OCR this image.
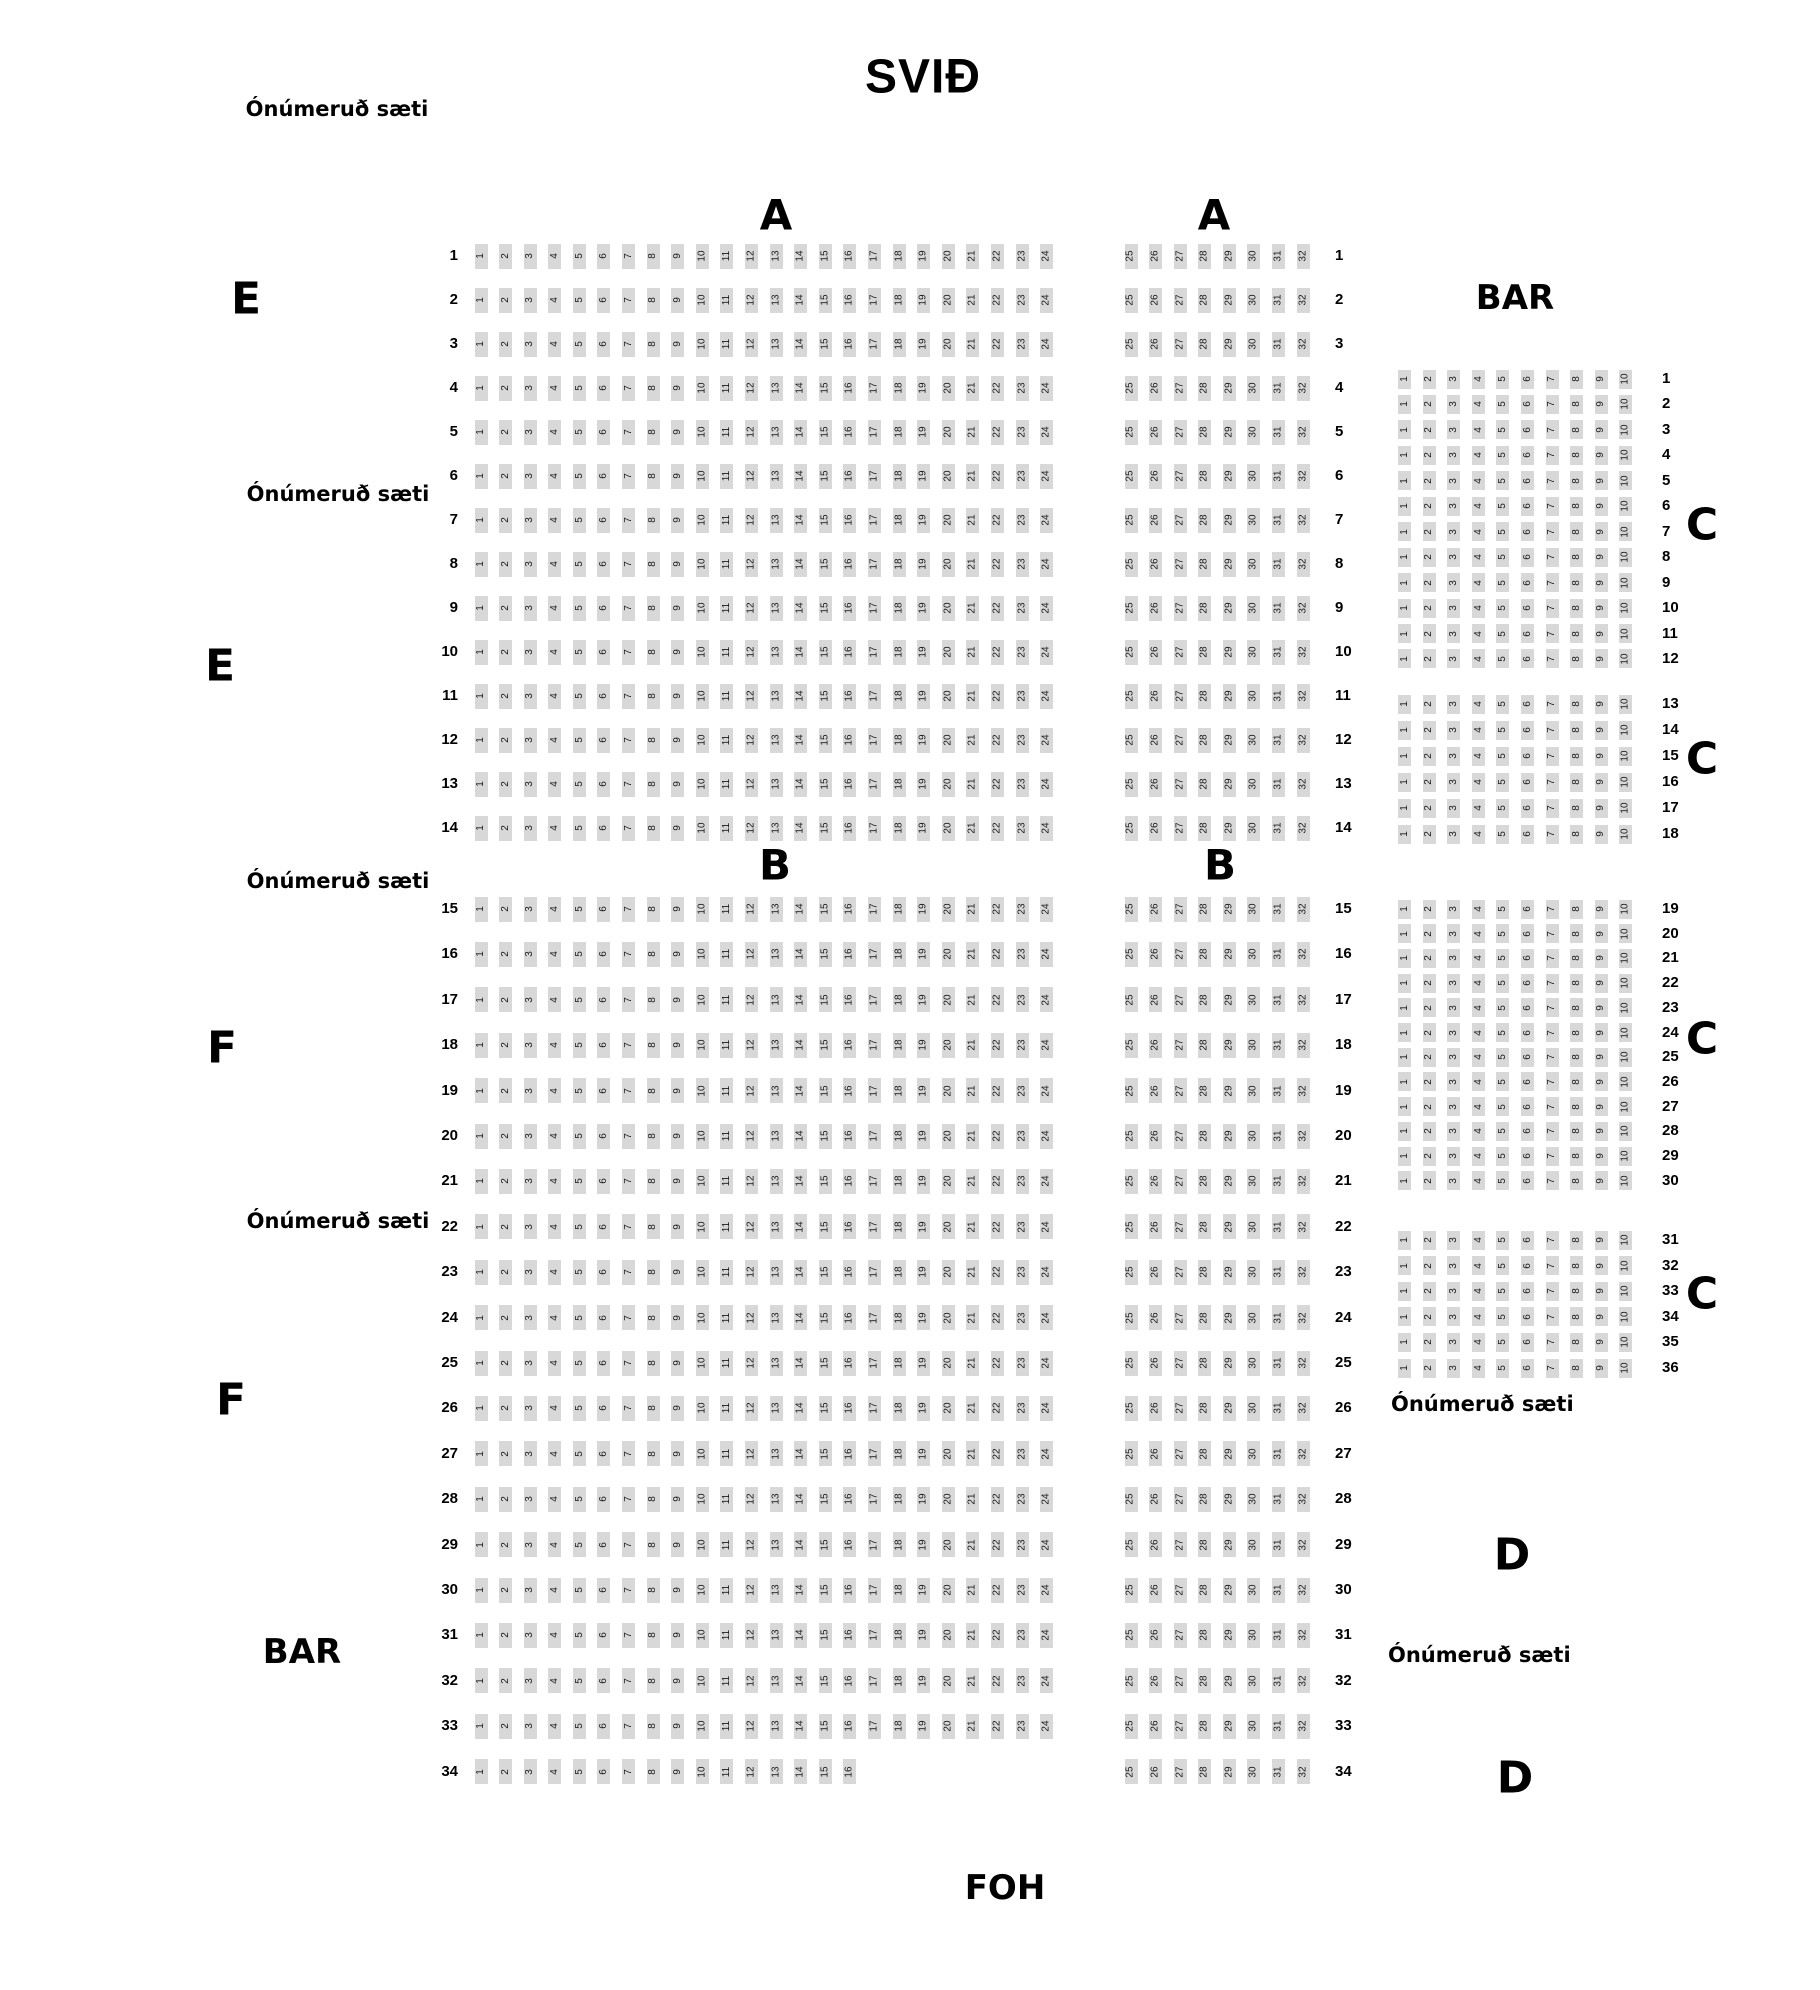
SVIÐ
FOH
Ónúmeruð sæti
E
Ónúmeruð sæti
E
Ónúmeruð sæti
F
Ónúmeruð sæti
F
BAR
A	A
B	B
BAR
C
C
C
C
Ónúmeruð sæti
D
Ónúmeruð sæti
D
1 1 2 3 4 5 6 7 8 9 10 11 12 13 14 15 16 17 18 19 20 21 22 23 24	25 26 27 28 29 30 31 32 1
2 1 2 3 4 5 6 7 8 9 10 11 12 13 14 15 16 17 18 19 20 21 22 23 24	25 26 27 28 29 30 31 32 2
3 1 2 3 4 5 6 7 8 9 10 11 12 13 14 15 16 17 18 19 20 21 22 23 24	25 26 27 28 29 30 31 32 3
4 1 2 3 4 5 6 7 8 9 10 11 12 13 14 15 16 17 18 19 20 21 22 23 24	25 26 27 28 29 30 31 32 4
5 1 2 3 4 5 6 7 8 9 10 11 12 13 14 15 16 17 18 19 20 21 22 23 24	25 26 27 28 29 30 31 32 5
6 1 2 3 4 5 6 7 8 9 10 11 12 13 14 15 16 17 18 19 20 21 22 23 24	25 26 27 28 29 30 31 32 6
7 1 2 3 4 5 6 7 8 9 10 11 12 13 14 15 16 17 18 19 20 21 22 23 24	25 26 27 28 29 30 31 32 7
8 1 2 3 4 5 6 7 8 9 10 11 12 13 14 15 16 17 18 19 20 21 22 23 24	25 26 27 28 29 30 31 32 8
9 1 2 3 4 5 6 7 8 9 10 11 12 13 14 15 16 17 18 19 20 21 22 23 24	25 26 27 28 29 30 31 32 9
10 1 2 3 4 5 6 7 8 9 10 11 12 13 14 15 16 17 18 19 20 21 22 23 24	25 26 27 28 29 30 31 32 10
11 1 2 3 4 5 6 7 8 9 10 11 12 13 14 15 16 17 18 19 20 21 22 23 24	25 26 27 28 29 30 31 32 11
12 1 2 3 4 5 6 7 8 9 10 11 12 13 14 15 16 17 18 19 20 21 22 23 24	25 26 27 28 29 30 31 32 12
13 1 2 3 4 5 6 7 8 9 10 11 12 13 14 15 16 17 18 19 20 21 22 23 24	25 26 27 28 29 30 31 32 13
14 1 2 3 4 5 6 7 8 9 10 11 12 13 14 15 16 17 18 19 20 21 22 23 24	25 26 27 28 29 30 31 32 14
15 1 2 3 4 5 6 7 8 9 10 11 12 13 14 15 16 17 18 19 20 21 22 23 24	25 26 27 28 29 30 31 32 15
16 1 2 3 4 5 6 7 8 9 10 11 12 13 14 15 16 17 18 19 20 21 22 23 24	25 26 27 28 29 30 31 32 16
17 1 2 3 4 5 6 7 8 9 10 11 12 13 14 15 16 17 18 19 20 21 22 23 24	25 26 27 28 29 30 31 32 17
18 1 2 3 4 5 6 7 8 9 10 11 12 13 14 15 16 17 18 19 20 21 22 23 24	25 26 27 28 29 30 31 32 18
19 1 2 3 4 5 6 7 8 9 10 11 12 13 14 15 16 17 18 19 20 21 22 23 24	25 26 27 28 29 30 31 32 19
20 1 2 3 4 5 6 7 8 9 10 11 12 13 14 15 16 17 18 19 20 21 22 23 24	25 26 27 28 29 30 31 32 20
21 1 2 3 4 5 6 7 8 9 10 11 12 13 14 15 16 17 18 19 20 21 22 23 24	25 26 27 28 29 30 31 32 21
22 1 2 3 4 5 6 7 8 9 10 11 12 13 14 15 16 17 18 19 20 21 22 23 24	25 26 27 28 29 30 31 32 22
23 1 2 3 4 5 6 7 8 9 10 11 12 13 14 15 16 17 18 19 20 21 22 23 24	25 26 27 28 29 30 31 32 23
24 1 2 3 4 5 6 7 8 9 10 11 12 13 14 15 16 17 18 19 20 21 22 23 24	25 26 27 28 29 30 31 32 24
25 1 2 3 4 5 6 7 8 9 10 11 12 13 14 15 16 17 18 19 20 21 22 23 24	25 26 27 28 29 30 31 32 25
26 1 2 3 4 5 6 7 8 9 10 11 12 13 14 15 16 17 18 19 20 21 22 23 24	25 26 27 28 29 30 31 32 26
27 1 2 3 4 5 6 7 8 9 10 11 12 13 14 15 16 17 18 19 20 21 22 23 24	25 26 27 28 29 30 31 32 27
28 1 2 3 4 5 6 7 8 9 10 11 12 13 14 15 16 17 18 19 20 21 22 23 24	25 26 27 28 29 30 31 32 28
29 1 2 3 4 5 6 7 8 9 10 11 12 13 14 15 16 17 18 19 20 21 22 23 24	25 26 27 28 29 30 31 32 29
30 1 2 3 4 5 6 7 8 9 10 11 12 13 14 15 16 17 18 19 20 21 22 23 24	25 26 27 28 29 30 31 32 30
31 1 2 3 4 5 6 7 8 9 10 11 12 13 14 15 16 17 18 19 20 21 22 23 24	25 26 27 28 29 30 31 32 31
32 1 2 3 4 5 6 7 8 9 10 11 12 13 14 15 16 17 18 19 20 21 22 23 24	25 26 27 28 29 30 31 32 32
33 1 2 3 4 5 6 7 8 9 10 11 12 13 14 15 16 17 18 19 20 21 22 23 24	25 26 27 28 29 30 31 32 33
34 1 2 3 4 5 6 7 8 9 10 11 12 13 14 15 16	25 26 27 28 29 30 31 32 34
1 2 3 4 5 6 7 8 9 10 1
1 2 3 4 5 6 7 8 9 10 2
1 2 3 4 5 6 7 8 9 10 3
1 2 3 4 5 6 7 8 9 10 4
1 2 3 4 5 6 7 8 9 10 5
1 2 3 4 5 6 7 8 9 10 6
1 2 3 4 5 6 7 8 9 10 7
1 2 3 4 5 6 7 8 9 10 8
1 2 3 4 5 6 7 8 9 10 9
1 2 3 4 5 6 7 8 9 10 10
1 2 3 4 5 6 7 8 9 10 11
1 2 3 4 5 6 7 8 9 10 12
1 2 3 4 5 6 7 8 9 10 13
1 2 3 4 5 6 7 8 9 10 14
1 2 3 4 5 6 7 8 9 10 15
1 2 3 4 5 6 7 8 9 10 16
1 2 3 4 5 6 7 8 9 10 17
1 2 3 4 5 6 7 8 9 10 18
1 2 3 4 5 6 7 8 9 10 19
1 2 3 4 5 6 7 8 9 10 20
1 2 3 4 5 6 7 8 9 10 21
1 2 3 4 5 6 7 8 9 10 22
1 2 3 4 5 6 7 8 9 10 23
1 2 3 4 5 6 7 8 9 10 24
1 2 3 4 5 6 7 8 9 10 25
1 2 3 4 5 6 7 8 9 10 26
1 2 3 4 5 6 7 8 9 10 27
1 2 3 4 5 6 7 8 9 10 28
1 2 3 4 5 6 7 8 9 10 29
1 2 3 4 5 6 7 8 9 10 30
1 2 3 4 5 6 7 8 9 10 31
1 2 3 4 5 6 7 8 9 10 32
1 2 3 4 5 6 7 8 9 10 33
1 2 3 4 5 6 7 8 9 10 34
1 2 3 4 5 6 7 8 9 10 35
1 2 3 4 5 6 7 8 9 10 36
